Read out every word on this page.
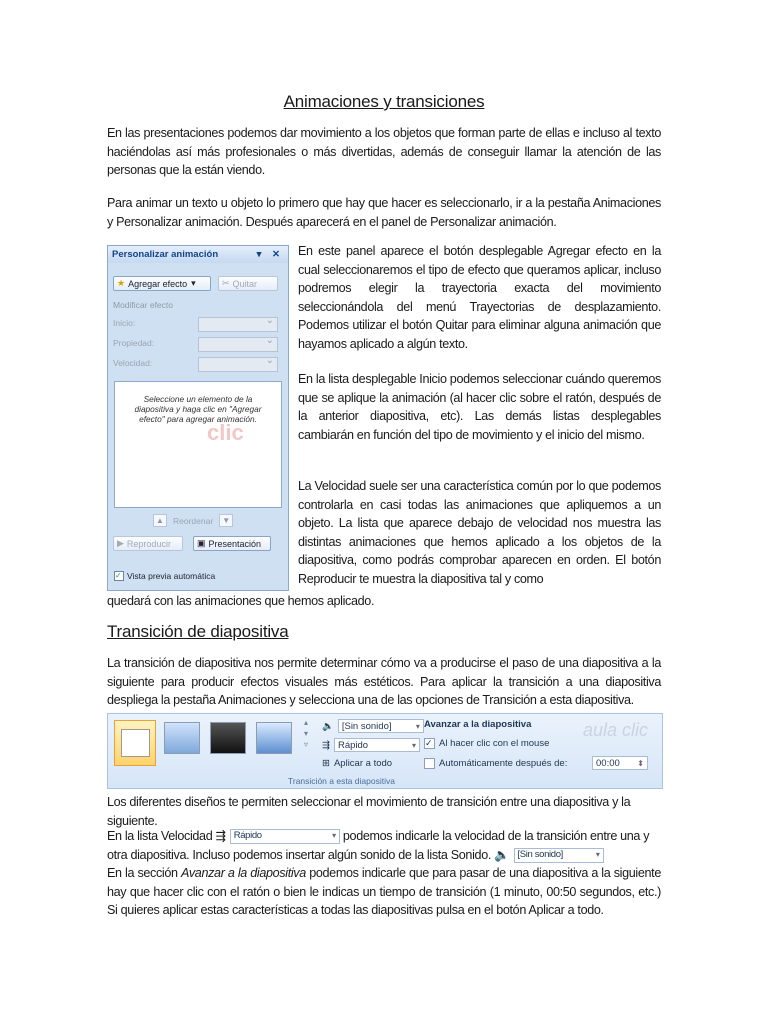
Animaciones y transiciones

En las presentaciones podemos dar movimiento a los objetos que forman parte de ellas e incluso al texto haciéndolas así más profesionales o más divertidas, además de conseguir llamar la atención de las personas que la están viendo.

Para animar un texto u objeto lo primero que hay que hacer es seleccionarlo, ir a la pestaña Animaciones y Personalizar animación. Después aparecerá en el panel de Personalizar animación.

Personalizar animación	▾ ✕
★ Agregar efecto ▾	✂ Quitar
Modificar efecto
Inicio:
⌄
Propiedad:
⌄
Velocidad:
⌄
Seleccione un elemento de la diapositiva y haga clic en "Agregar efecto" para agregar animación.
clic
▲	Reordenar	▼
▶ Reproducir	▣ Presentación
✓ Vista previa automática

En este panel aparece el botón desplegable Agregar efecto en la cual seleccionaremos el tipo de efecto que queramos aplicar, incluso podremos elegir la trayectoria exacta del movimiento seleccionándola del menú Trayectorias de desplazamiento. Podemos utilizar el botón Quitar para eliminar alguna animación que hayamos aplicado a algún texto.

En la lista desplegable Inicio podemos seleccionar cuándo queremos que se aplique la animación (al hacer clic sobre el ratón, después de la anterior diapositiva, etc). Las demás listas desplegables cambiarán en función del tipo de movimiento y el inicio del mismo.

La Velocidad suele ser una característica común por lo que podemos controlarla en casi todas las animaciones que apliquemos a un objeto. La lista que aparece debajo de velocidad nos muestra las distintas animaciones que hemos aplicado a los objetos de la diapositiva, como podrás comprobar aparecen en orden. El botón Reproducir te muestra la diapositiva tal y como

quedará con las animaciones que hemos aplicado.

Transición de diapositiva

La transición de diapositiva nos permite determinar cómo va a producirse el paso de una diapositiva a la siguiente para producir efectos visuales más estéticos. Para aplicar la transición a una diapositiva despliega la pestaña Animaciones y selecciona una de las opciones de Transición a esta diapositiva.

▴
▾
▿
🔈 [Sin sonido]	▾
⇶ Rápido	▾
⊞ Aplicar a todo
Avanzar a la diapositiva
✓ Al hacer clic con el mouse
Automáticamente después de:	00:00 ⬍
aula clic
Transición a esta diapositiva

Los diferentes diseños te permiten seleccionar el movimiento de transición entre una diapositiva y la siguiente.

En la lista Velocidad ⇶ Rápido	▾ podemos indicarle la velocidad de la transición entre una y otra diapositiva. Incluso podemos insertar algún sonido de la lista Sonido. 🔈 [Sin sonido]	▾

En la sección Avanzar a la diapositiva podemos indicarle que para pasar de una diapositiva a la siguiente hay que hacer clic con el ratón o bien le indicas un tiempo de transición (1 minuto, 00:50 segundos, etc.) Si quieres aplicar estas características a todas las diapositivas pulsa en el botón Aplicar a todo.
